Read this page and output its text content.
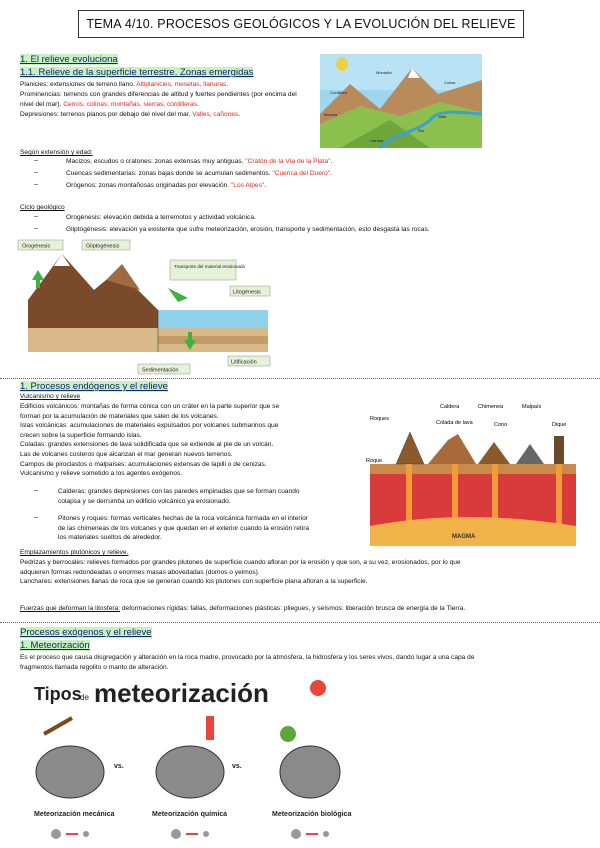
TEMA 4/10. PROCESOS GEOLÓGICOS Y LA EVOLUCIÓN DEL RELIEVE
1. El relieve evoluciona
1.1. Relieve de la superficie terrestre. Zonas emergidas
Planicies: extensiones de terreno llano. Altiplanicies, mesetas, llanuras.
Prominencias: terrenos con grandes diferencias de altitud y fuertes pendientes (por encima del nivel del mar). Cerros, colinas, montañas, sierras, cordilleras.
Depresiones: terrenos planos por debajo del nivel del mar. Valles, cañones.
Montaña
Cordillera
Valle
Meseta
Llanura
Colina
Río
Según extensión y edad:
–	Macizos, escudos o cratones: zonas extensas muy antiguas. "Cratón de la Vía de la Plata".
–	Cuencas sedimentarias: zonas bajas donde se acumulan sedimentos. "Cuenca del Duero".
–	Orógenos: zonas montañosas originadas por elevación. "Los Alpes".
Ciclo geológico
–	Orogénesis: elevación debida a terremotos y actividad volcánica.
–	Gliptogénesis: elevación ya existente que sufre meteorización, erosión, transporte y sedimentación, esto desgasta las rocas.
Orogénesis	Gliptogénesis
Transporte del material erosionado
Litogénesis
Litificación
Sedimentación
1. Procesos endógenos y el relieve
Vulcanismo y relieve
Edificios volcánicos: montañas de forma cónica con un cráter en la parte superior que se
forman por la acumulación de materiales que salen de los volcanes.
Islas volcánicas: acumulaciones de materiales expulsados por volcanes submarinos que
crecen sobre la superficie formando islas.
Coladas: grandes extensiones de lava solidificada que se extiende al pie de un volcán.
Las de volcanes costeros que alcanzan el mar generan nuevos terrenos.
Campos de piroclastos o malpaíses: acumulaciones extensas de lapilli o de cenizas.
Vulcanismo y relieve sometido a los agentes exógenos.
–	Calderas: grandes depresiones con las paredes empinadas que se forman cuando
colapsa y se derrumba un edificio volcánico ya erosionado.
–	Pitones y roques: formas verticales hechas de la roca volcánica formada en el interior
de las chimeneas de los volcanes y que quedan en el exterior cuando la erosión retira
los materiales sueltos de alrededor.
Roques
Caldera	Chimenea	Malpaís
Colada de lava	Cono	Dique
Roque
MAGMA
Emplazamientos plutónicos y relieve.
Pedrizas y berrocales: relieves formados por grandes plutones de superficie cuando afloran por la erosión y que son, a su vez, erosionados, por lo que
adquieren formas redondeadas o enormes masas abovedadas (domos o yelmos).
Lanchares: extensiones llanas de roca que se generan cuando los plutones con superficie plana afloran a la superficie.
Fuerzas que deforman la litosfera: deformaciones rígidas: fallas, deformaciones plásticas: pliegues, y seísmos: liberación brusca de energía de la Tierra.
Procesos exógenos y el relieve
1. Meteorización
Es el proceso que causa disgregación y alteración en la roca madre, provocado por la atmósfera, la hidrosfera y los seres vivos, dando lugar a una capa de
fragmentos llamada regolito o manto de alteración.
Tipos
de meteorización
vs.	vs.
Meteorización mecánica	Meteorización química	Meteorización biológica
